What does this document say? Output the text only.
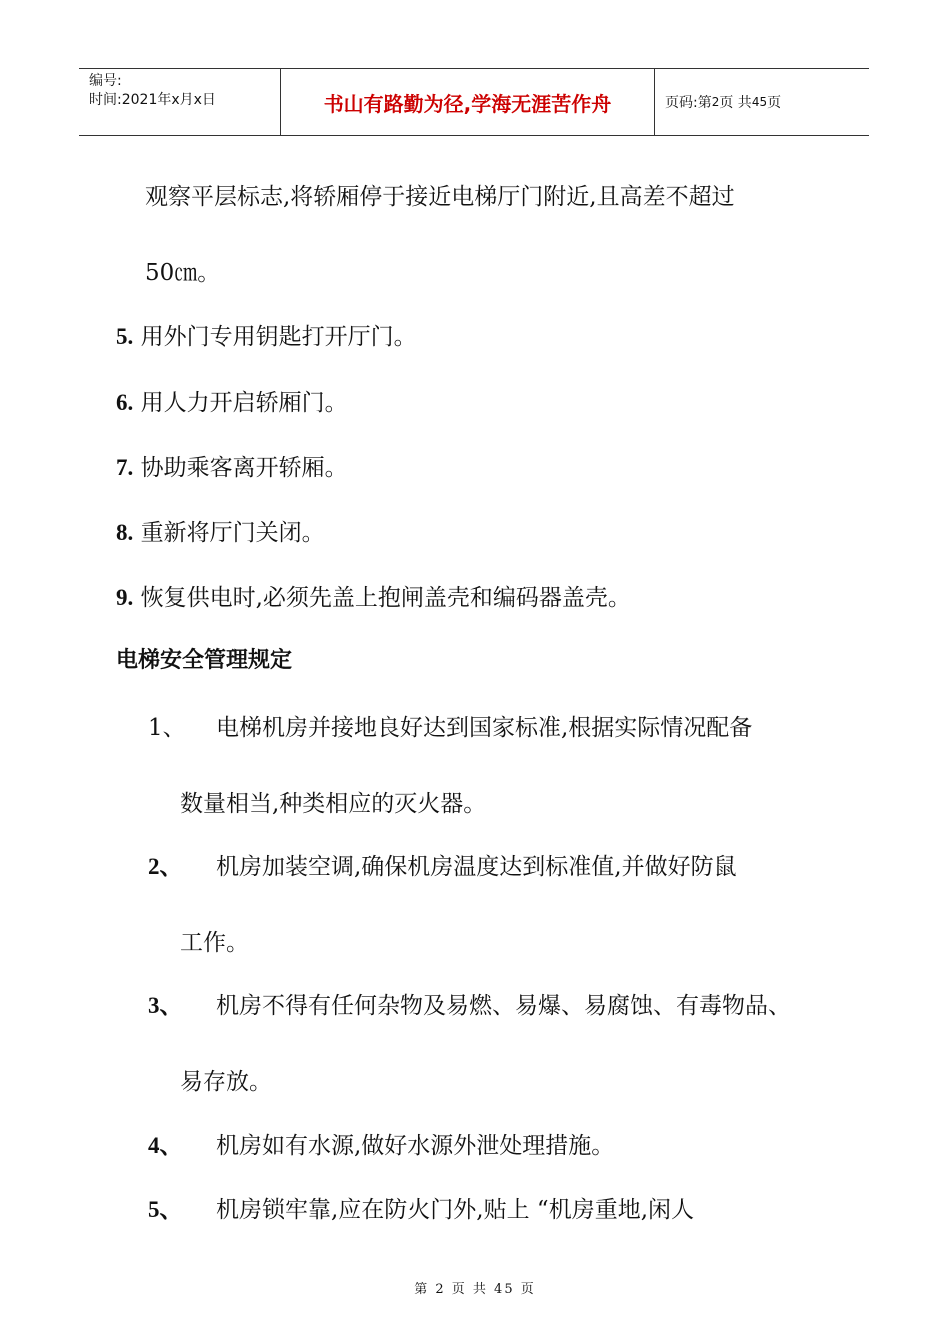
编号:
时间:2021年x月x日	书山有路勤为径,学海无涯苦作舟	页码:第 2 页 共 45 页
观察平层标志,将轿厢停于接近电梯厅门附近,且高差不超过
50㎝。
5. 用外门专用钥匙打开厅门。
6. 用人力开启轿厢门。
7. 协助乘客离开轿厢。
8. 重新将厅门关闭。
9. 恢复供电时,必须先盖上抱闸盖壳和编码器盖壳。
电梯安全管理规定
1、 电梯机房并接地良好达到国家标准,根据实际情况配备
数量相当,种类相应的灭火器。
2、 机房加装空调,确保机房温度达到标准值,并做好防鼠
工作。
3、 机房不得有任何杂物及易燃、易爆、易腐蚀、有毒物品、
易存放。
4、 机房如有水源,做好水源外泄处理措施。
5、 机房锁牢靠,应在防火门外,贴上 “机房重地,闲人
第 2 页 共 45 页
